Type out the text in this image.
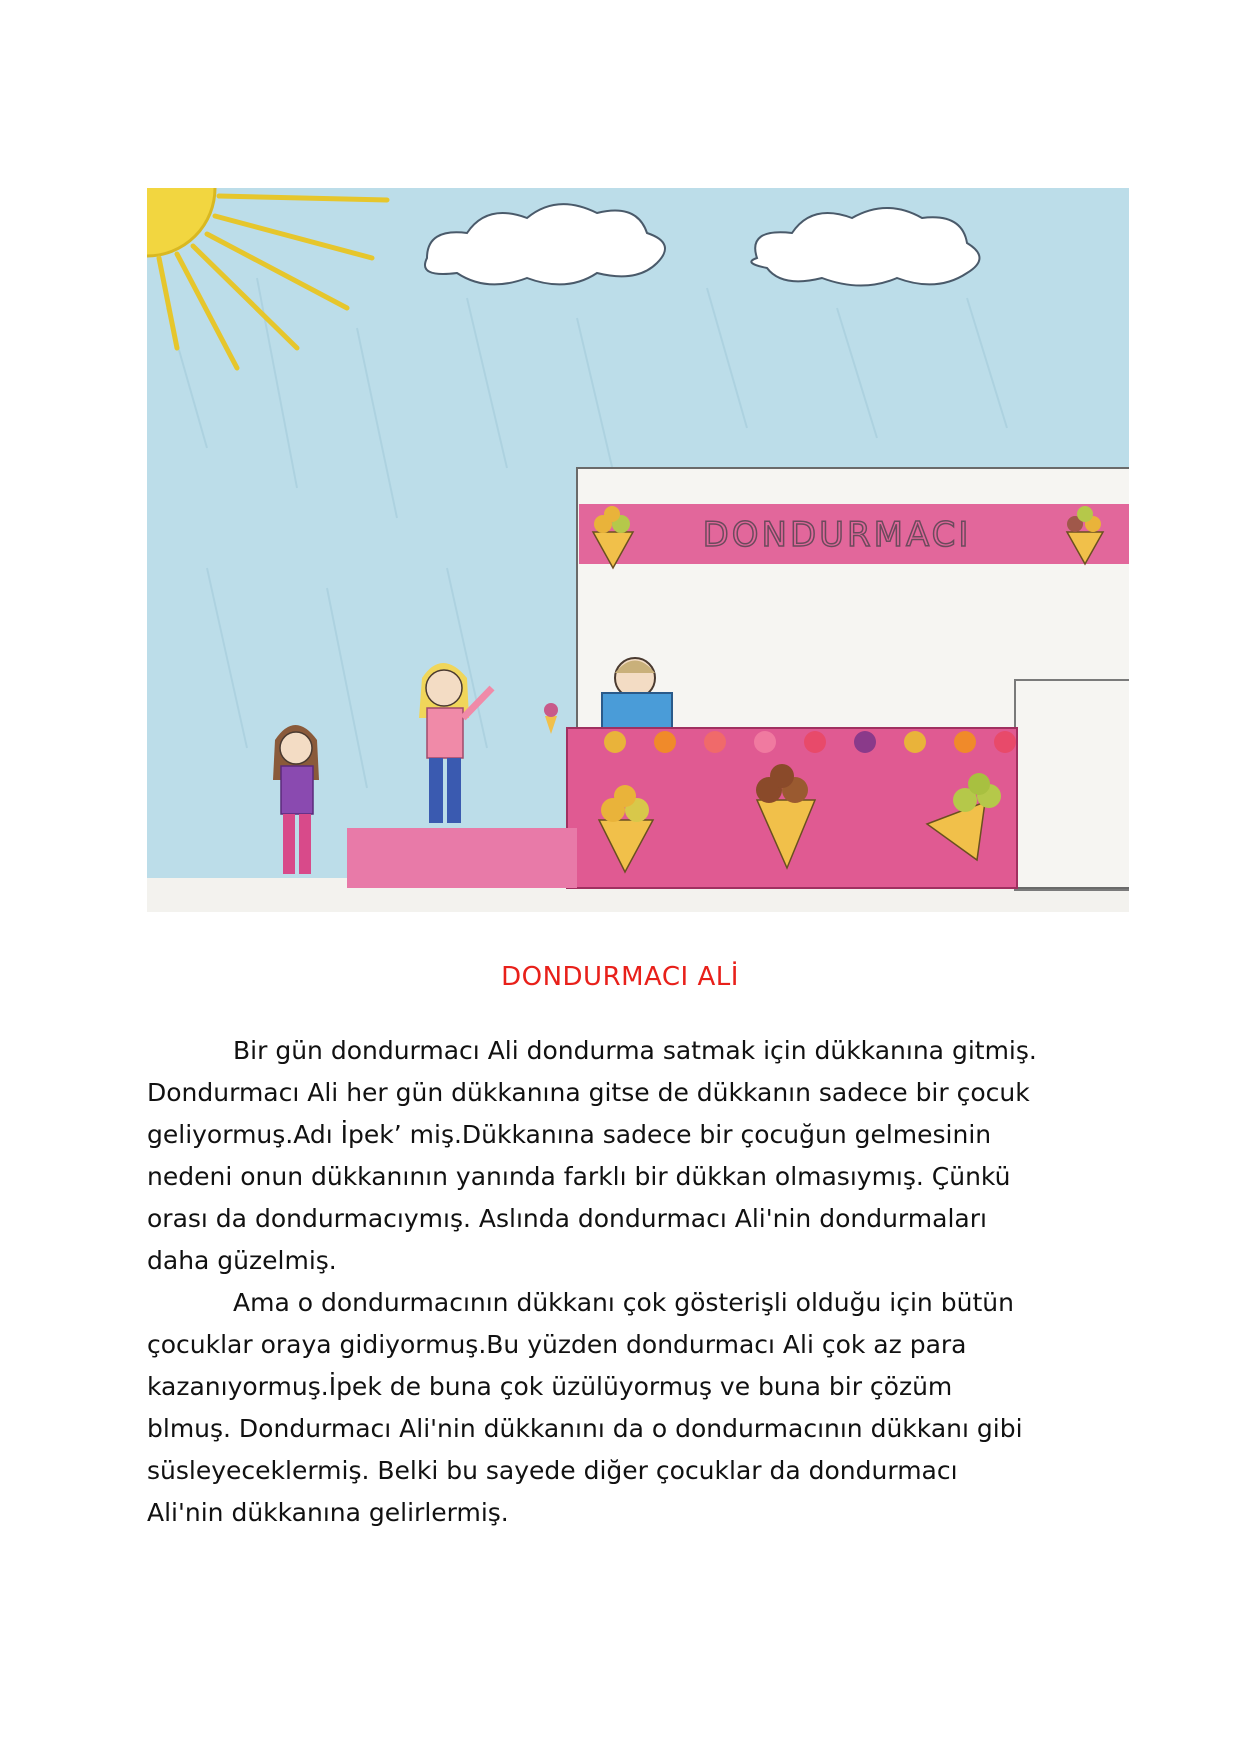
DONDURMACI
DONDURMACI ALİ
Bir gün dondurmacı Ali dondurma satmak için dükkanına gitmiş.
Dondurmacı Ali her gün dükkanına gitse de dükkanın sadece bir çocuk
geliyormuş.Adı İpek’ miş.Dükkanına sadece bir çocuğun gelmesinin
nedeni onun dükkanının yanında farklı bir dükkan olmasıymış. Çünkü
orası da dondurmacıymış. Aslında dondurmacı Ali'nin dondurmaları
daha güzelmiş.
Ama o dondurmacının dükkanı çok gösterişli olduğu için bütün
çocuklar oraya gidiyormuş.Bu yüzden dondurmacı Ali çok az para
kazanıyormuş.İpek de buna çok üzülüyormuş ve buna bir çözüm
blmuş. Dondurmacı Ali'nin dükkanını da o dondurmacının dükkanı gibi
süsleyeceklermiş. Belki bu sayede diğer çocuklar da dondurmacı
Ali'nin dükkanına gelirlermiş.
